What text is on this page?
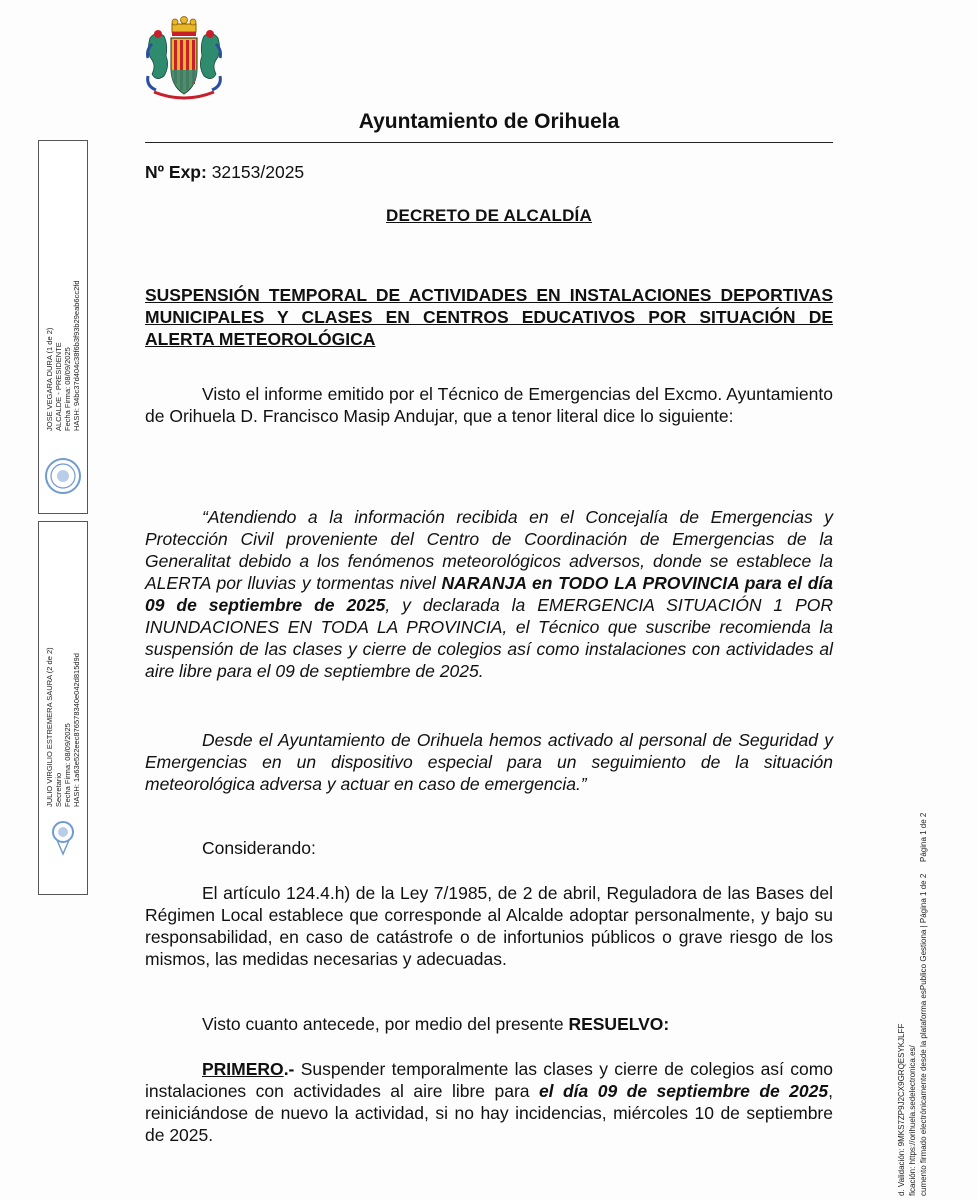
Ayuntamiento de Orihuela
Nº Exp: 32153/2025
DECRETO DE ALCALDÍA
SUSPENSIÓN TEMPORAL DE ACTIVIDADES EN INSTALACIONES DEPORTIVAS MUNICIPALES Y CLASES EN CENTROS EDUCATIVOS POR SITUACIÓN DE ALERTA METEOROLÓGICA
Visto el informe emitido por el Técnico de Emergencias del Excmo. Ayuntamiento de Orihuela D. Francisco Masip Andujar, que a tenor literal dice lo siguiente:
“Atendiendo a la información recibida en el Concejalía de Emergencias y Protección Civil proveniente del Centro de Coordinación de Emergencias de la Generalitat debido a los fenómenos meteorológicos adversos, donde se establece la ALERTA por lluvias y tormentas nivel NARANJA en TODO LA PROVINCIA para el día 09 de septiembre de 2025, y declarada la EMERGENCIA SITUACIÓN 1 POR INUNDACIONES EN TODA LA PROVINCIA, el Técnico que suscribe recomienda la suspensión de las clases y cierre de colegios así como instalaciones con actividades al aire libre para el 09 de septiembre de 2025.
Desde el Ayuntamiento de Orihuela hemos activado al personal de Seguridad y Emergencias en un dispositivo especial para un seguimiento de la situación meteorológica adversa y actuar en caso de emergencia.”
Considerando:
El artículo 124.4.h) de la Ley 7/1985, de 2 de abril, Reguladora de las Bases del Régimen Local establece que corresponde al Alcalde adoptar personalmente, y bajo su responsabilidad, en caso de catástrofe o de infortunios públicos o grave riesgo de los mismos, las medidas necesarias y adecuadas.
Visto cuanto antecede, por medio del presente RESUELVO:
PRIMERO.- Suspender temporalmente las clases y cierre de colegios así como instalaciones con actividades al aire libre para el día 09 de septiembre de 2025, reiniciándose de nuevo la actividad, si no hay incidencias, miércoles 10 de septiembre de 2025.
JOSE VEGARA DURA (1 de 2) ALCALDE - PRESIDENTE Fecha Firma: 08/09/2025 HASH: 94bc37d404c38f6b3f93b29eab6cc2fd
JULIO VIRGILIO ESTREMERA SAURA (2 de 2) Secretario Fecha Firma: 08/09/2025 HASH: 1a63e522eec876578340e042d815d9d
d. Validación: 9MKS7ZP9J2CX9GRQESYKJLFF ficación: https://orihuela.sedelectronica.es/ cumento firmado electrónicamente desde la plataforma esPublico Gestiona | Página 1 de 2
Página 1 de 2
